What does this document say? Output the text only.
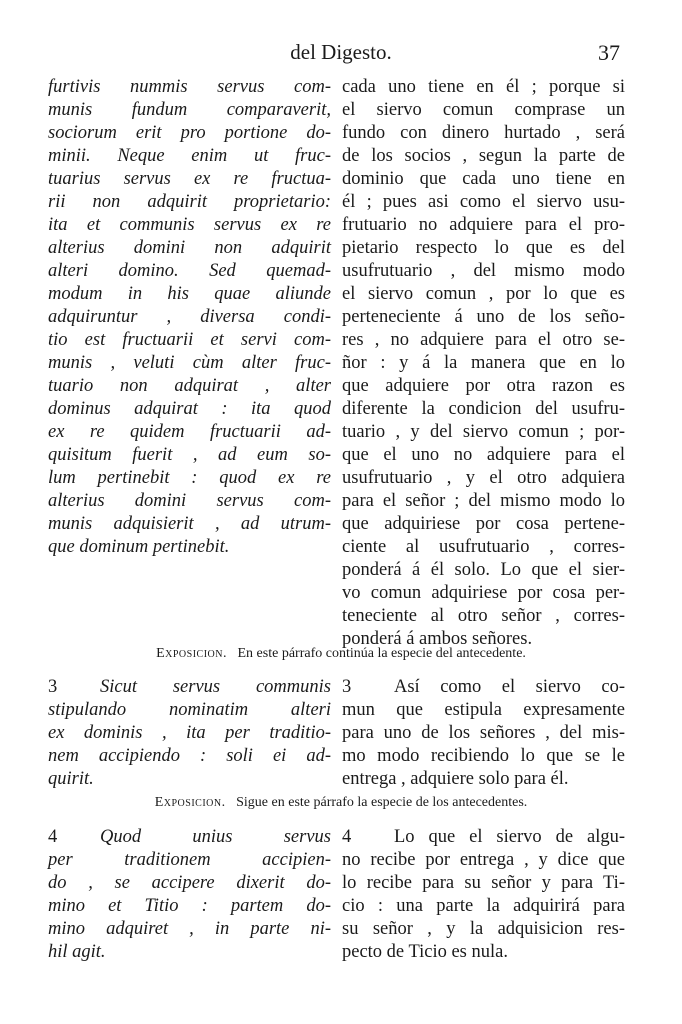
del Digesto.	37
furtivis nummis servus com-
munis fundum comparaverit,
sociorum erit pro portione do-
minii. Neque enim ut fruc-
tuarius servus ex re fructua-
rii non adquirit proprietario:
ita et communis servus ex re
alterius domini non adquirit
alteri domino. Sed quemad-
modum in his quae aliunde
adquiruntur , diversa condi-
tio est fructuarii et servi com-
munis , veluti cùm alter fruc-
tuario non adquirat , alter
dominus adquirat : ita quod
ex re quidem fructuarii ad-
quisitum fuerit , ad eum so-
lum pertinebit : quod ex re
alterius domini servus com-
munis adquisierit , ad utrum-
que dominum pertinebit.
cada uno tiene en él ; porque si
el siervo comun comprase un
fundo con dinero hurtado , será
de los socios , segun la parte de
dominio que cada uno tiene en
él ; pues asi como el siervo usu-
frutuario no adquiere para el pro-
pietario respecto lo que es del
usufrutuario , del mismo modo
el siervo comun , por lo que es
perteneciente á uno de los seño-
res , no adquiere para el otro se-
ñor : y á la manera que en lo
que adquiere por otra razon es
diferente la condicion del usufru-
tuario , y del siervo comun ; por-
que el uno no adquiere para el
usufrutuario , y el otro adquiera
para el señor ; del mismo modo lo
que adquiriese por cosa pertene-
ciente al usufrutuario , corres-
ponderá á él solo. Lo que el sier-
vo comun adquiriese por cosa per-
teneciente al otro señor , corres-
ponderá á ambos señores.
Exposicion. En este párrafo continúa la especie del antecedente.
3 Sicut servus communis
stipulando nominatim alteri
ex dominis , ita per traditio-
nem accipiendo : soli ei ad-
quirit.
3 Así como el siervo co-
mun que estipula expresamente
para uno de los señores , del mis-
mo modo recibiendo lo que se le
entrega , adquiere solo para él.
Exposicion. Sigue en este párrafo la especie de los antecedentes.
4 Quod unius servus
per traditionem accipien-
do , se accipere dixerit do-
mino et Titio : partem do-
mino adquiret , in parte ni-
hil agit.
4 Lo que el siervo de algu-
no recibe por entrega , y dice que
lo recibe para su señor y para Ti-
cio : una parte la adquirirá para
su señor , y la adquisicion res-
pecto de Ticio es nula.
